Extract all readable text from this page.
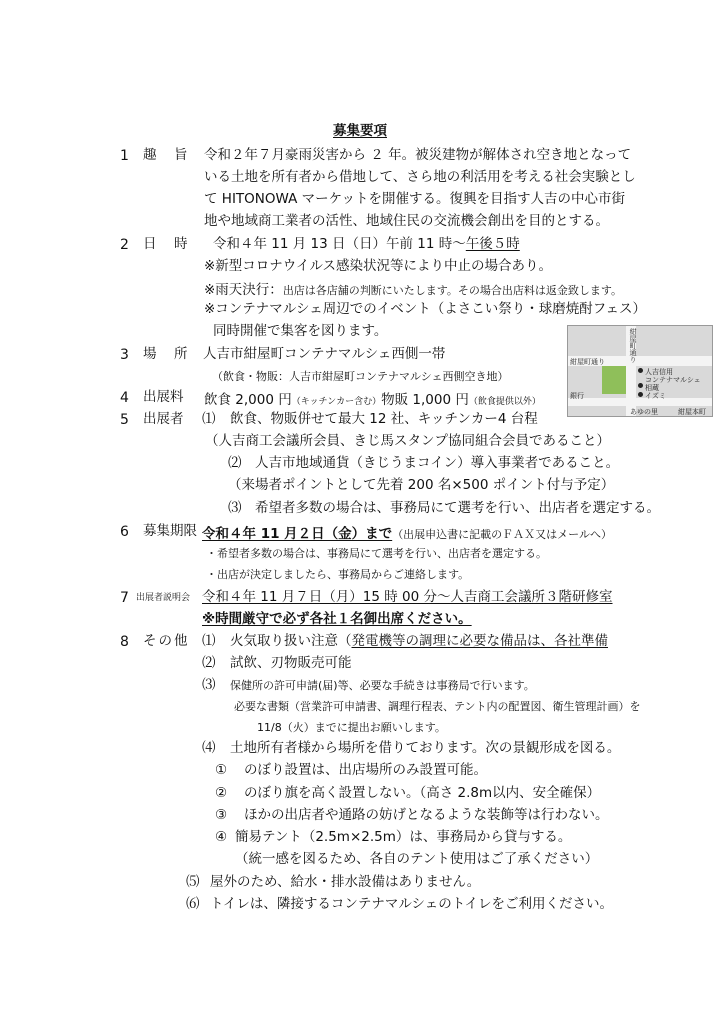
募集要項
1 趣　旨 令和２年７月豪雨災害から ２ 年。被災建物が解体され空き地となって
いる土地を所有者から借地して、さら地の利活用を考える社会実験とし
て HITONOWA マーケットを開催する。復興を目指す人吉の中心市街
地や地域商工業者の活性、地域住民の交流機会創出を目的とする。
2 日　時 令和４年 11 月 13 日（日）午前 11 時〜午後５時
※新型コロナウイルス感染状況等により中止の場合あり。
※雨天決行：出店は各店舗の判断にいたします。その場合出店料は返金致します。
※コンテナマルシェ周辺でのイベント（よさこい祭り・球磨焼酎フェス）
同時開催で集客を図ります。
3 場　所 人吉市紺屋町コンテナマルシェ西側一帯
（飲食・物販：人吉市紺屋町コンテナマルシェ西側空き地）
紺屋町通り
紺屋町通り
人吉信用
コンテナマルシェ
相蔵
銀行	イズミ
あゆの里	紺屋本町
4 出展料 飲食 2,000 円（キッチンカー含む）物販 1,000 円（飲食提供以外）
5 出展者 ⑴ 飲食、物販併せて最大 12 社、キッチンカー4 台程
（人吉商工会議所会員、きじ馬スタンプ協同組合会員であること）
⑵ 人吉市地域通貨（きじうまコイン）導入事業者であること。
（来場者ポイントとして先着 200 名×500 ポイント付与予定）
⑶ 希望者多数の場合は、事務局にて選考を行い、出店者を選定する。
6 募集期限 令和４年 11 月２日（金）まで（出展申込書に記載のＦＡＸ又はメールへ）
・希望者多数の場合は、事務局にて選考を行い、出店者を選定する。
・出店が決定しましたら、事務局からご連絡します。
7 出展者説明会 令和４年 11 月７日（月）15 時 00 分〜人吉商工会議所３階研修室
※時間厳守で必ず各社１名御出席ください。
8 その他 ⑴ 火気取り扱い注意（発電機等の調理に必要な備品は、各社準備
⑵ 試飲、刃物販売可能
⑶ 保健所の許可申請(届)等、必要な手続きは事務局で行います。
必要な書類（営業許可申請書、調理行程表、テント内の配置図、衛生管理計画）を
11/8（火）までに提出お願いします。
⑷ 土地所有者様から場所を借りております。次の景観形成を図る。
① のぼり設置は、出店場所のみ設置可能。
② のぼり旗を高く設置しない。（高さ 2.8m以内、安全確保）
③ ほかの出店者や通路の妨げとなるような装飾等は行わない。
④ 簡易テント（2.5m×2.5m）は、事務局から貸与する。
（統一感を図るため、各自のテント使用はご了承ください）
⑸ 屋外のため、給水・排水設備はありません。
⑹ トイレは、隣接するコンテナマルシェのトイレをご利用ください。
